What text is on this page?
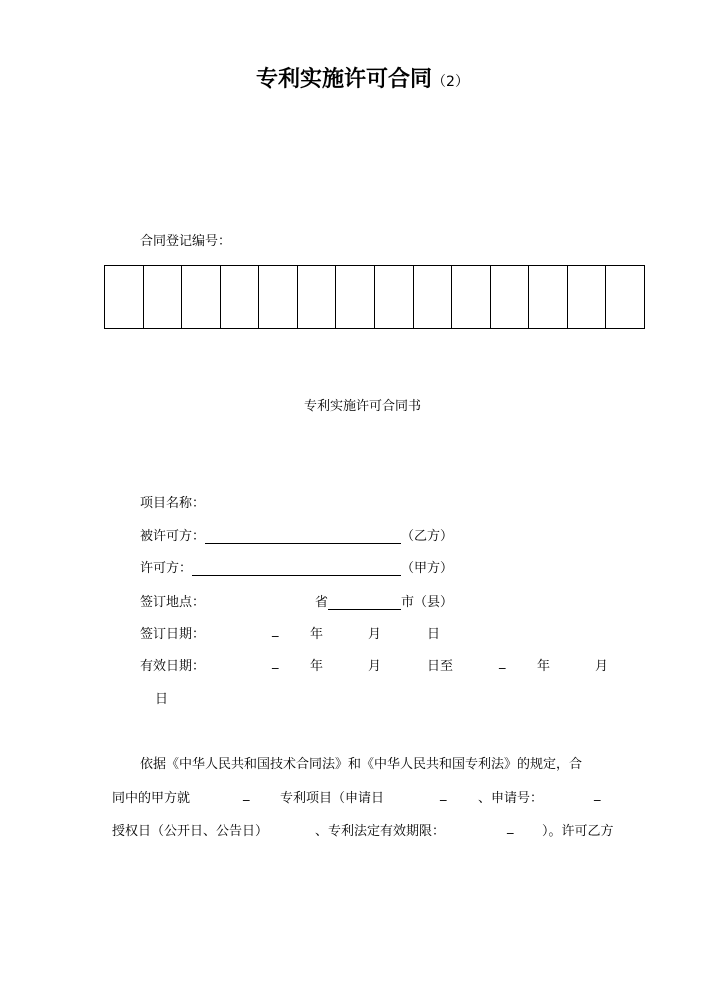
专利实施许可合同（2）
合同登记编号：

专利实施许可合同书
项目名称：
被许可方：	（乙方）
许可方：	（甲方）
签订地点：	省	市（县）
签订日期：	_ 年	月	日
有效日期：	_ 年	月	日至	_ 年	月
日
依据《中华人民共和国技术合同法》和《中华人民共和国专利法》的规定，合
同中的甲方就	_ 专利项目（申请日	_ 、申请号：	_
授权日（公开日、公告日）	、专利法定有效期限：	_ ）。许可乙方
